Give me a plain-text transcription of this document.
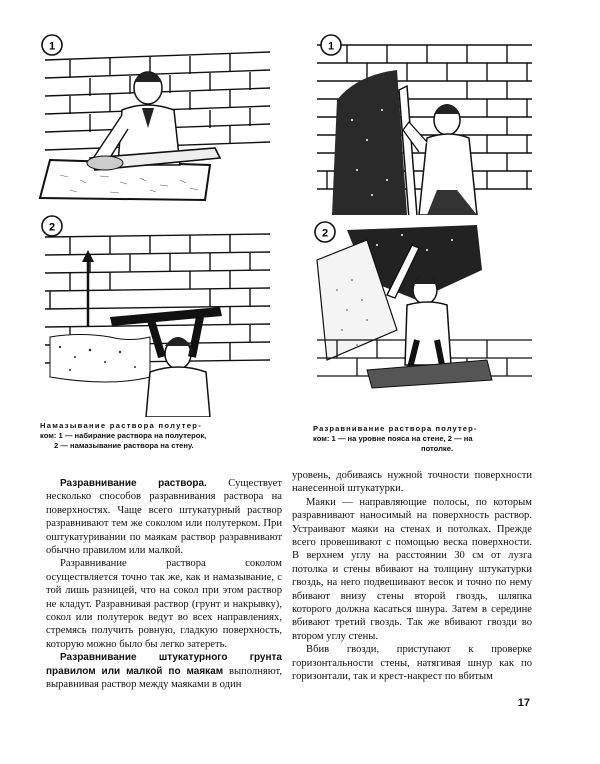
1	1
2	2
Намазывание раствора полутер-
ком: 1 — набирание раствора на полутерок,
2 — намазывание раствора на стену.
Разравнивание раствора полутер-
ком: 1 — на уровне пояса на стене, 2 — на
потолке.

Разравнивание раствора. Существует несколько способов разравнивания раствора на поверхностях. Чаще всего штукатурный раствор разравнивают тем же соколом или полутерком. При оштукатуривании по маякам раствор разравнивают обычно правилом или малкой.

Разравнивание раствора соколом осуществляется точно так же, как и намазывание, с той лишь разницей, что на сокол при этом раствор не кладут. Разравнивая раствор (грунт и накрывку), сокол или полутерок ведут во всех направлениях, стремясь получить ровную, гладкую поверхность, которую можно было бы легко затереть.

Разравнивание штукатурного грунта правилом или малкой по маякам выполняют, выравнивая раствор между маяками в один

уровень, добиваясь нужной точности поверхности нанесенной штукатурки.

Маяки — направляющие полосы, по которым разравнивают наносимый на поверхность раствор. Устраивают маяки на стенах и потолках. Прежде всего провешивают с помощью веска поверхности. В верхнем углу на расстоянии 30 см от лузга потолка и стены вбивают на толщину штукатурки гвоздь, на него подвешивают весок и точно по нему вбивают внизу стены второй гвоздь, шляпка которого должна касаться шнура. Затем в середине вбивают третий гвоздь. Так же вбивают гвозди во втором углу стены.

Вбив гвозди, приступают к проверке горизонтальности стены, натягивая шнур как по горизонтали, так и крест-накрест по вбитым

17
